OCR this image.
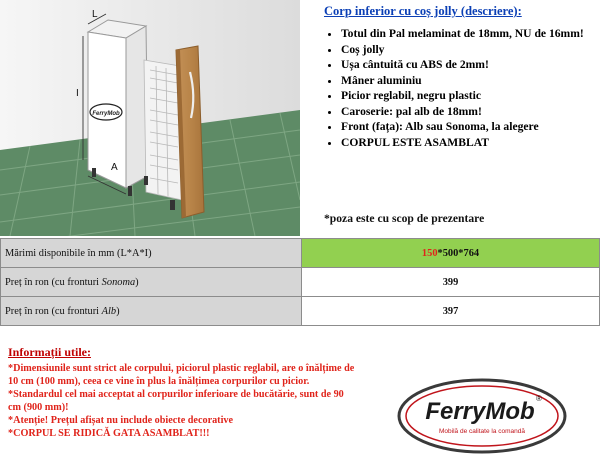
L
I
A
FerryMob
Corp inferior cu coș jolly (descriere):
• Totul din Pal melaminat de 18mm, NU de 16mm!
• Coș jolly
• Ușa cântuită cu ABS de 2mm!
• Mâner aluminiu
• Picior reglabil, negru plastic
• Caroserie: pal alb de 18mm!
• Front (fața): Alb sau Sonoma, la alegere
• CORPUL ESTE ASAMBLAT
*poza este cu scop de prezentare
Mărimi disponibile în mm (L*A*I)	150*500*764
Preț în ron (cu fronturi Sonoma)	399
Preț în ron (cu fronturi Alb)	397
Informații utile:

*Dimensiunile sunt strict ale corpului, piciorul plastic reglabil, are o înălțime de 10 cm (100 mm), ceea ce vine în plus la înălțimea corpurilor cu picior.

*Standardul cel mai acceptat al corpurilor inferioare de bucătărie, sunt de 90 cm (900 mm)!

*Atenție! Prețul afișat nu include obiecte decorative

*CORPUL SE RIDICĂ GATA ASAMBLAT!!!

FerryMob ®
Mobilă de calitate la comandă
